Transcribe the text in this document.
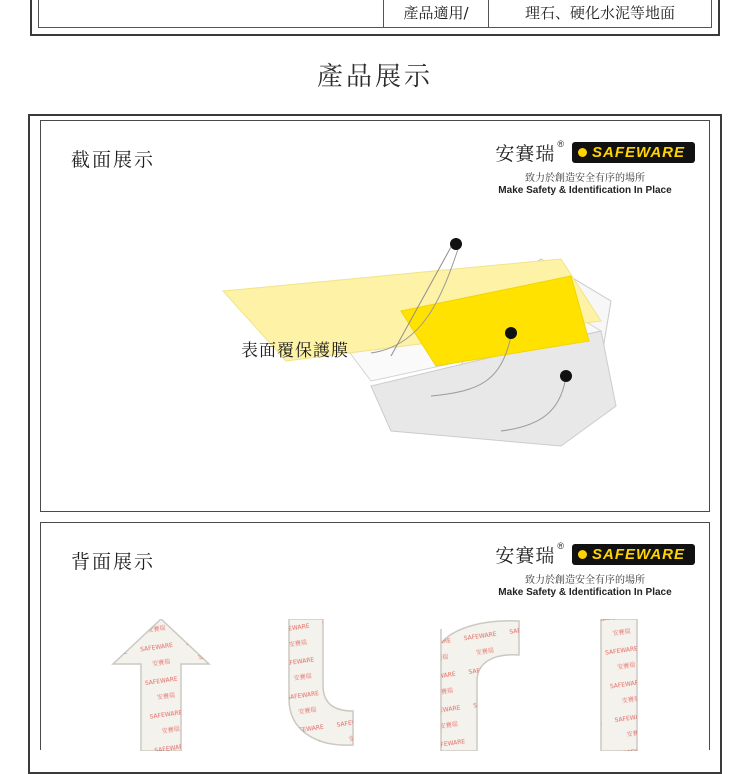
產品適用/	理石、硬化水泥等地面
產品展示
截面展示	安賽瑞 ® SAFEWARE
致力於創造安全有序的場所
Make Safety & Identification In Place
表面覆保護膜
背面展示	安賽瑞 ® SAFEWARE
致力於創造安全有序的場所
Make Safety & Identification In Place
